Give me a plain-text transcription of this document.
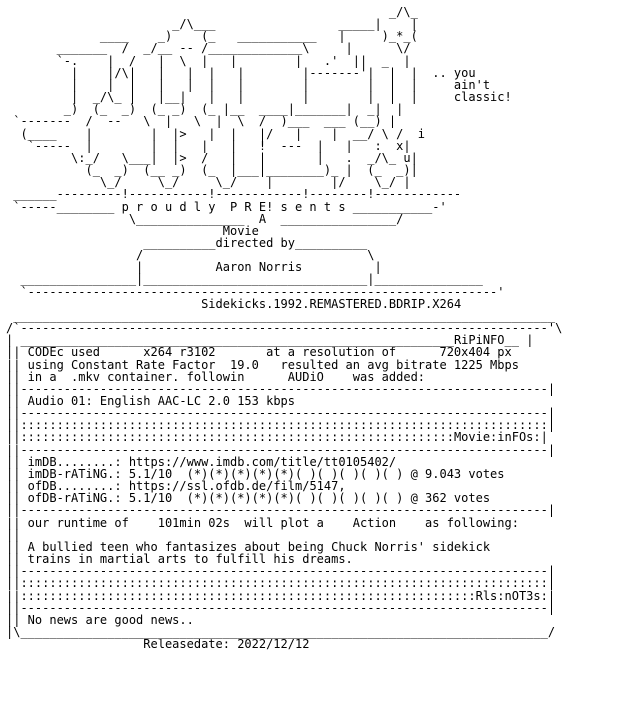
_/\_
_/\___                 _____|    |
____    _)    (_   ___________   |     )_*_(
_______  /  _/__ -- /_____________\     |      \/
`-.    |  /   |  \  |   |        |   .'  ||  _  |
|    |/\|   |   |  |   |        |-------'|  |  |  .. you
|    |  |   |   |  |   |        |        |  |  |     ain't
|  _/\_ |   |__|   |   |        |        |  |  |     classic!
_)  (_  _)  (_ _)  (_ |__  ____|_______|  _|  |
`-------  /  --   \  |   \  |  \  /  )___  ___ (__) |
(____    |        |  |>   |  |   |/   |    |  __/ \ /  i
`-----  |        |  |   |   |   !  ---  |   |   :  x|
\:_/   \___|  |>  /   |   |       |   .  _/\_ u|
(_  _)  (__ _)  (_  |___|________)_ |  (_  _)|
\_/     \_/     \_/    |        |/    \_/ |
______---------!-----------!------------!--------!------------
`-----________ p r o u d l y  P R E! s e n t s ___________-'
\_______________  A  ________________/
Movie
__________directed by__________
/                               \
|          Aaron Norris          |
________________|_______________________________|_______________
`-----------------------------------------------------------------'
Sidekicks.1992.REMASTERED.BDRIP.X264
___________________________________________________________________________
/`-------------------------------------------------------------------------'\
| ____________________________________________________________RiPiNFO__ |
|| CODEc used      x264 r3102       at a resolution of      720x404 px
|| using Constant Rate Factor  19.0   resulted an avg bitrate 1225 Mbps
|| in a  .mkv container. followin      AUDiO    was added:
||-------------------------------------------------------------------------|
|| Audio 01: English AAC-LC 2.0 153 kbps
||-------------------------------------------------------------------------|
||:::::::::::::::::::::::::::::::::::::::::::::::::::::::::::::::::::::::::|
||::::::::::::::::::::::::::::::::::::::::::::::::::::::::::::Movie:inFOs:|
||-------------------------------------------------------------------------|
|| imDB........: https://www.imdb.com/title/tt0105402/
|| imDB-rATiNG.: 5.1/10  (*)(*)(*)(*)(*)( )( )( )( )( ) @ 9.043 votes
|| ofDB........: https://ssl.ofdb.de/film/5147,
|| ofDB-rATiNG.: 5.1/10  (*)(*)(*)(*)(*)( )( )( )( )( ) @ 362 votes
||-------------------------------------------------------------------------|
|| our runtime of    101min 02s  will plot a    Action    as following:
||
|| A bullied teen who fantasizes about being Chuck Norris' sidekick
|| trains in martial arts to fulfill his dreams.
||-------------------------------------------------------------------------|
||:::::::::::::::::::::::::::::::::::::::::::::::::::::::::::::::::::::::::|
||:::::::::::::::::::::::::::::::::::::::::::::::::::::::::::::::Rls:nOT3s:|
||-------------------------------------------------------------------------|
|| No news are good news..
|\_________________________________________________________________________/
Releasedate: 2022/12/12
